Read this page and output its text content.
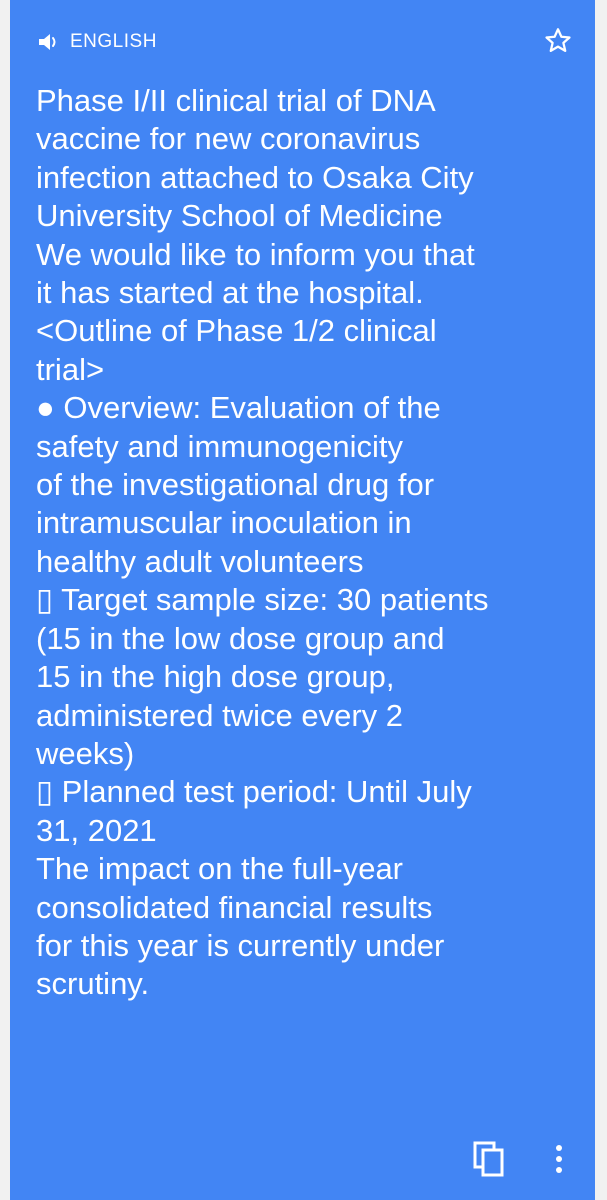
ENGLISH
Phase I/II clinical trial of DNA
vaccine for new coronavirus
infection attached to Osaka City
University School of Medicine
We would like to inform you that
it has started at the hospital.
<Outline of Phase 1/2 clinical
trial>
● Overview: Evaluation of the
safety and immunogenicity
of the investigational drug for
intramuscular inoculation in
healthy adult volunteers
▯ Target sample size: 30 patients
(15 in the low dose group and
15 in the high dose group,
administered twice every 2
weeks)
▯ Planned test period: Until July
31, 2021
The impact on the full-year
consolidated financial results
for this year is currently under
scrutiny.
